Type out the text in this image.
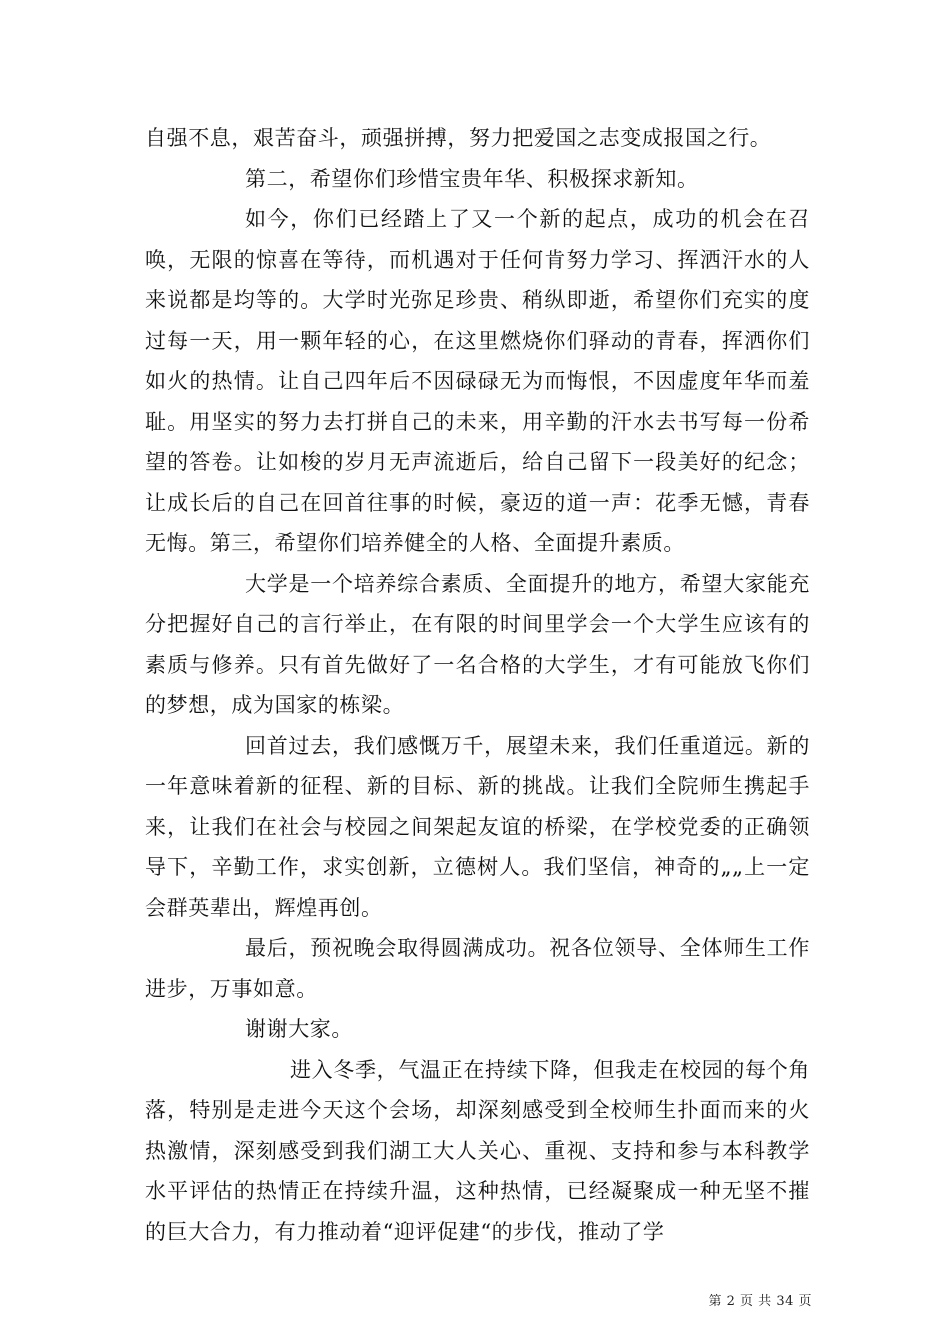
自强不息，艰苦奋斗，顽强拼搏，努力把爱国之志变成报国之行。

第二，希望你们珍惜宝贵年华、积极探求新知。

如今，你们已经踏上了又一个新的起点，成功的机会在召唤，无限的惊喜在等待，而机遇对于任何肯努力学习、挥洒汗水的人来说都是均等的。大学时光弥足珍贵、稍纵即逝，希望你们充实的度过每一天，用一颗年轻的心，在这里燃烧你们驿动的青春，挥洒你们如火的热情。让自己四年后不因碌碌无为而悔恨，不因虚度年华而羞耻。用坚实的努力去打拼自己的未来，用辛勤的汗水去书写每一份希望的答卷。让如梭的岁月无声流逝后，给自己留下一段美好的纪念；让成长后的自己在回首往事的时候，豪迈的道一声：花季无憾，青春无悔。第三，希望你们培养健全的人格、全面提升素质。

大学是一个培养综合素质、全面提升的地方，希望大家能充分把握好自己的言行举止，在有限的时间里学会一个大学生应该有的素质与修养。只有首先做好了一名合格的大学生，才有可能放飞你们的梦想，成为国家的栋梁。

回首过去，我们感慨万千，展望未来，我们任重道远。新的一年意味着新的征程、新的目标、新的挑战。让我们全院师生携起手来，让我们在社会与校园之间架起友谊的桥梁，在学校党委的正确领导下，辛勤工作，求实创新，立德树人。我们坚信，神奇的„„上一定会群英辈出，辉煌再创。

最后，预祝晚会取得圆满成功。祝各位领导、全体师生工作进步，万事如意。

谢谢大家。

进入冬季，气温正在持续下降，但我走在校园的每个角落，特别是走进今天这个会场，却深刻感受到全校师生扑面而来的火热激情，深刻感受到我们湖工大人关心、重视、支持和参与本科教学水平评估的热情正在持续升温，这种热情，已经凝聚成一种无坚不摧的巨大合力，有力推动着“迎评促建“的步伐，推动了学

第 2 页 共 34 页
